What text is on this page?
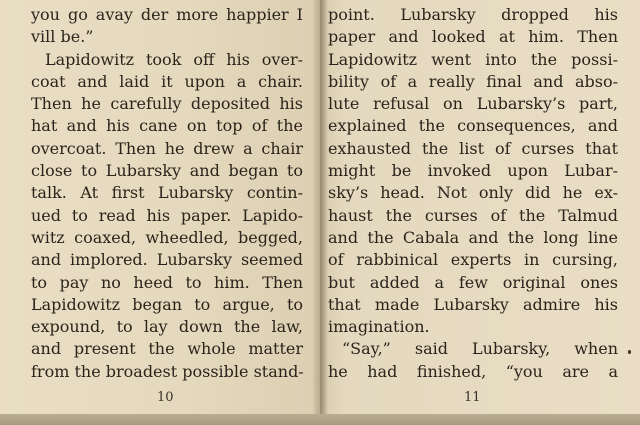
you go avay der more happier I
vill be.”
Lapidowitz took off his over-
coat and laid it upon a chair.
Then he carefully deposited his
hat and his cane on top of the
overcoat. Then he drew a chair
close to Lubarsky and began to
talk. At first Lubarsky contin-
ued to read his paper. Lapido-
witz coaxed, wheedled, begged,
and implored. Lubarsky seemed
to pay no heed to him. Then
Lapidowitz began to argue, to
expound, to lay down the law,
and present the whole matter
from the broadest possible stand-
10
point. Lubarsky dropped his
paper and looked at him. Then
Lapidowitz went into the possi-
bility of a really final and abso-
lute refusal on Lubarsky’s part,
explained the consequences, and
exhausted the list of curses that
might be invoked upon Lubar-
sky’s head. Not only did he ex-
haust the curses of the Talmud
and the Cabala and the long line
of rabbinical experts in cursing,
but added a few original ones
that made Lubarsky admire his
imagination.
“Say,” said Lubarsky, when
he had finished, “you are a
11
